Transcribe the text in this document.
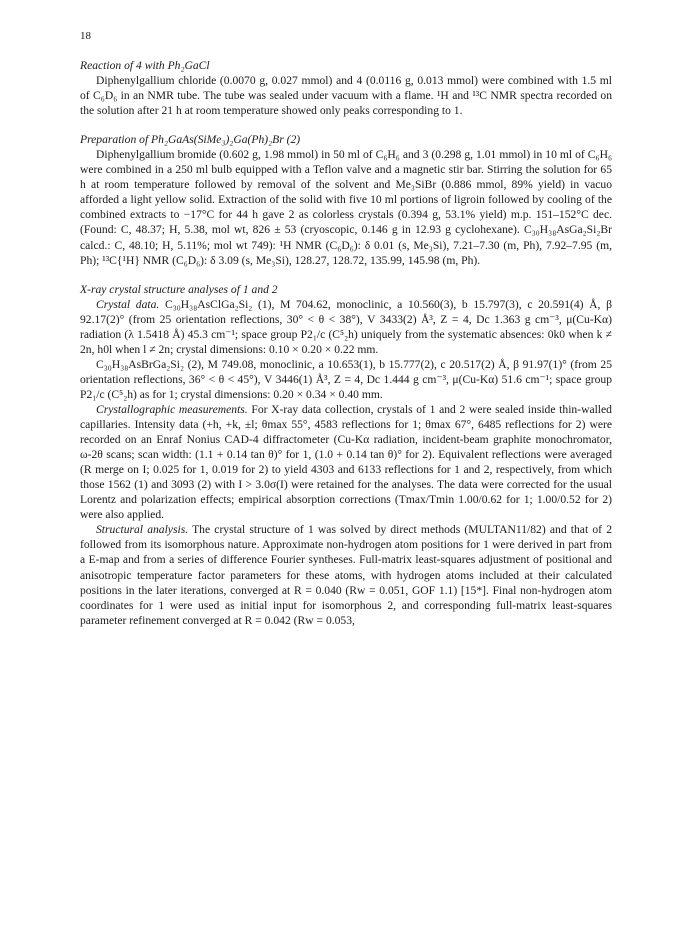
18

Reaction of 4 with Ph₂GaCl

Diphenylgallium chloride (0.0070 g, 0.027 mmol) and 4 (0.0116 g, 0.013 mmol) were combined with 1.5 ml of C₆D₆ in an NMR tube. The tube was sealed under vacuum with a flame. ¹H and ¹³C NMR spectra recorded on the solution after 21 h at room temperature showed only peaks corresponding to 1.

Preparation of Ph₂GaAs(SiMe₃)₂Ga(Ph)₂Br (2)

Diphenylgallium bromide (0.602 g, 1.98 mmol) in 50 ml of C₆H₆ and 3 (0.298 g, 1.01 mmol) in 10 ml of C₆H₆ were combined in a 250 ml bulb equipped with a Teflon valve and a magnetic stir bar. Stirring the solution for 65 h at room temperature followed by removal of the solvent and Me₃SiBr (0.886 mmol, 89% yield) in vacuo afforded a light yellow solid. Extraction of the solid with five 10 ml portions of ligroin followed by cooling of the combined extracts to −17°C for 44 h gave 2 as colorless crystals (0.394 g, 53.1% yield) m.p. 151–152°C dec. (Found: C, 48.37; H, 5.38, mol wt, 826 ± 53 (cryoscopic, 0.146 g in 12.93 g cyclohexane). C₃₀H₃₈AsGa₂Si₂Br calcd.: C, 48.10; H, 5.11%; mol wt 749): ¹H NMR (C₆D₆): δ 0.01 (s, Me₃Si), 7.21–7.30 (m, Ph), 7.92–7.95 (m, Ph); ¹³C{¹H} NMR (C₆D₆): δ 3.09 (s, Me₃Si), 128.27, 128.72, 135.99, 145.98 (m, Ph).

X-ray crystal structure analyses of 1 and 2

Crystal data. C₃₀H₃₈AsClGa₂Si₂ (1), M 704.62, monoclinic, a 10.560(3), b 15.797(3), c 20.591(4) Å, β 92.17(2)° (from 25 orientation reflections, 30° < θ < 38°), V 3433(2) Å³, Z = 4, Dc 1.363 g cm⁻³, μ(Cu-Kα) radiation (λ 1.5418 Å) 45.3 cm⁻¹; space group P2₁/c (C⁵₂h) uniquely from the systematic absences: 0k0 when k ≠ 2n, h0l when l ≠ 2n; crystal dimensions: 0.10 × 0.20 × 0.22 mm.

C₃₀H₃₈AsBrGa₂Si₂ (2), M 749.08, monoclinic, a 10.653(1), b 15.777(2), c 20.517(2) Å, β 91.97(1)° (from 25 orientation reflections, 36° < θ < 45°), V 3446(1) Å³, Z = 4, Dc 1.444 g cm⁻³, μ(Cu-Kα) 51.6 cm⁻¹; space group P2₁/c (C⁵₂h) as for 1; crystal dimensions: 0.20 × 0.34 × 0.40 mm.

Crystallographic measurements. For X-ray data collection, crystals of 1 and 2 were sealed inside thin-walled capillaries. Intensity data (+h, +k, ±l; θmax 55°, 4583 reflections for 1; θmax 67°, 6485 reflections for 2) were recorded on an Enraf Nonius CAD-4 diffractometer (Cu-Kα radiation, incident-beam graphite monochromator, ω-2θ scans; scan width: (1.1 + 0.14 tan θ)° for 1, (1.0 + 0.14 tan θ)° for 2). Equivalent reflections were averaged (R merge on I; 0.025 for 1, 0.019 for 2) to yield 4303 and 6133 reflections for 1 and 2, respectively, from which those 1562 (1) and 3093 (2) with I > 3.0σ(I) were retained for the analyses. The data were corrected for the usual Lorentz and polarization effects; empirical absorption corrections (Tmax/Tmin 1.00/0.62 for 1; 1.00/0.52 for 2) were also applied.

Structural analysis. The crystal structure of 1 was solved by direct methods (MULTAN11/82) and that of 2 followed from its isomorphous nature. Approximate non-hydrogen atom positions for 1 were derived in part from a E-map and from a series of difference Fourier syntheses. Full-matrix least-squares adjustment of positional and anisotropic temperature factor parameters for these atoms, with hydrogen atoms included at their calculated positions in the later iterations, converged at R = 0.040 (Rw = 0.051, GOF 1.1) [15*]. Final non-hydrogen atom coordinates for 1 were used as initial input for isomorphous 2, and corresponding full-matrix least-squares parameter refinement converged at R = 0.042 (Rw = 0.053,
